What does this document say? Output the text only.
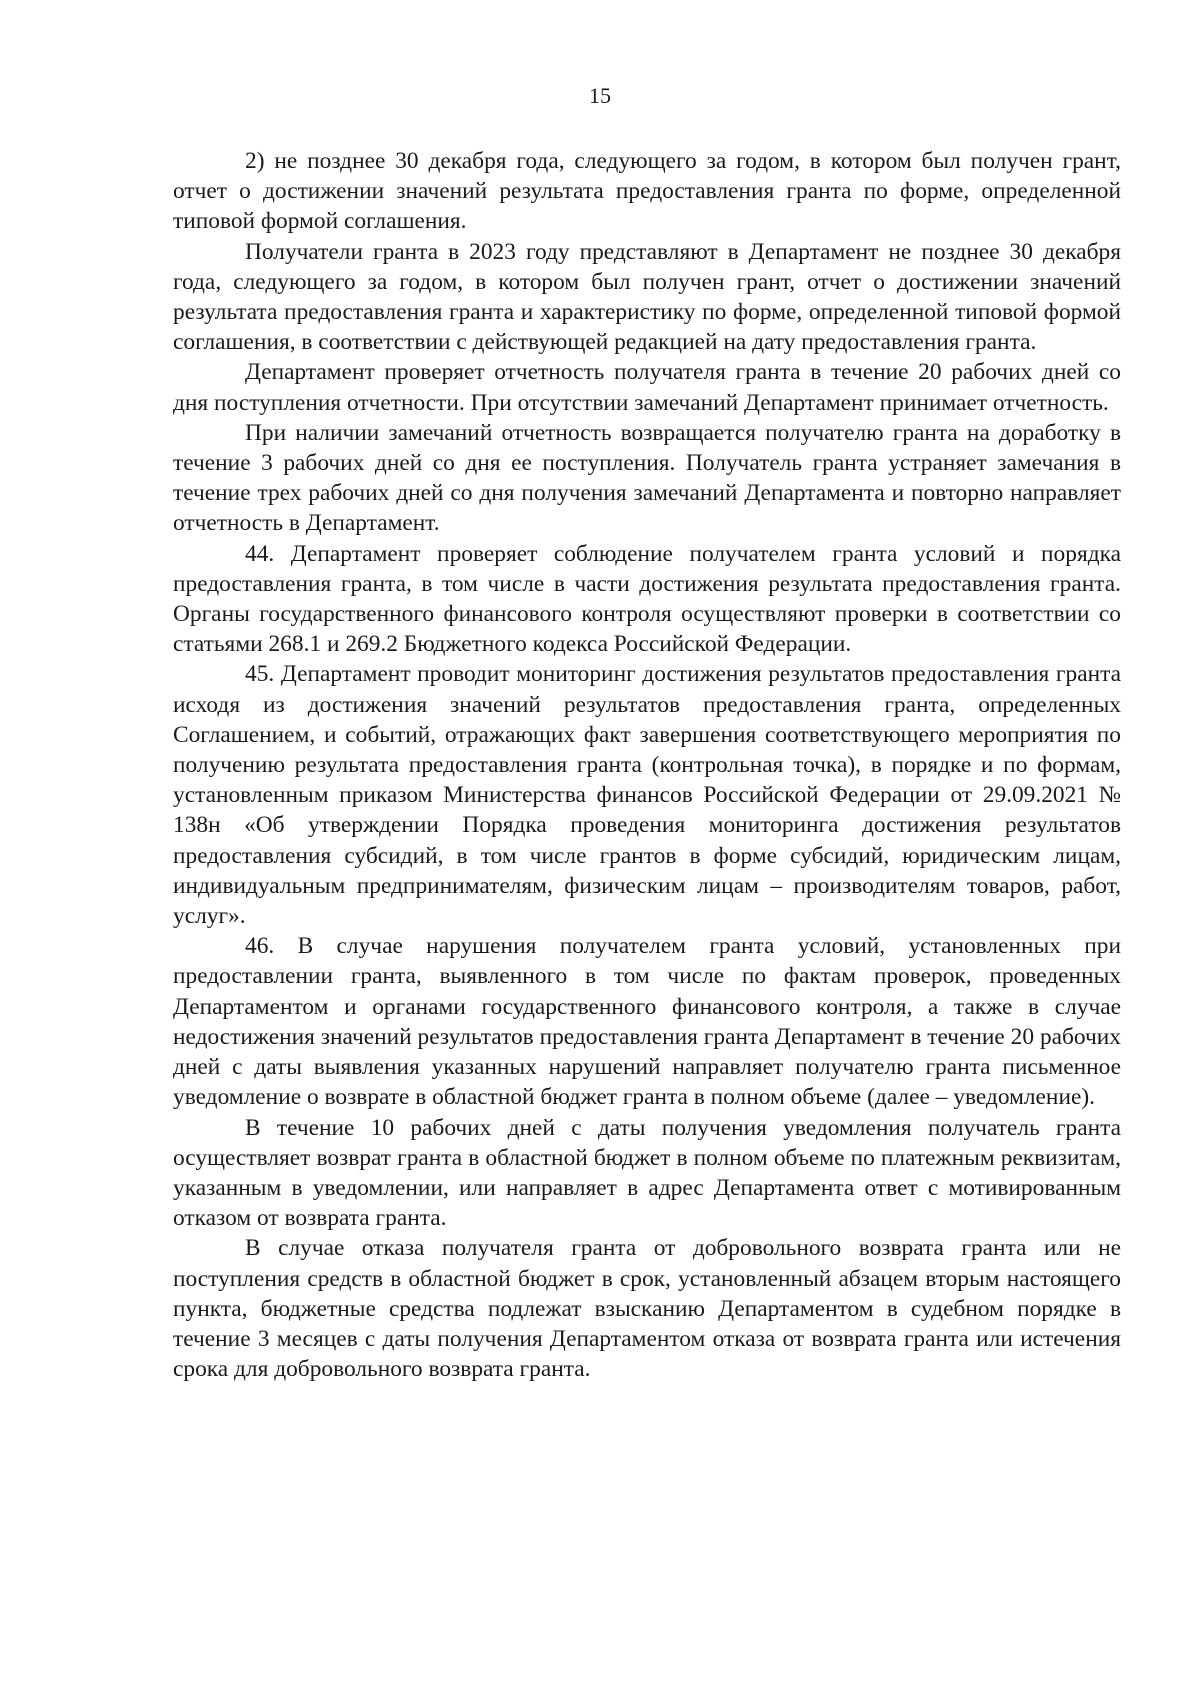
15

2) не позднее 30 декабря года, следующего за годом, в котором был получен грант, отчет о достижении значений результата предоставления гранта по форме, определенной типовой формой соглашения.

Получатели гранта в 2023 году представляют в Департамент не позднее 30 декабря года, следующего за годом, в котором был получен грант, отчет о достижении значений результата предоставления гранта и характеристику по форме, определенной типовой формой соглашения, в соответствии с действующей редакцией на дату предоставления гранта.

Департамент проверяет отчетность получателя гранта в течение 20 рабочих дней со дня поступления отчетности. При отсутствии замечаний Департамент принимает отчетность.

При наличии замечаний отчетность возвращается получателю гранта на доработку в течение 3 рабочих дней со дня ее поступления. Получатель гранта устраняет замечания в течение трех рабочих дней со дня получения замечаний Департамента и повторно направляет отчетность в Департамент.

44. Департамент проверяет соблюдение получателем гранта условий и порядка предоставления гранта, в том числе в части достижения результата предоставления гранта. Органы государственного финансового контроля осуществляют проверки в соответствии со статьями 268.1 и 269.2 Бюджетного кодекса Российской Федерации.

45. Департамент проводит мониторинг достижения результатов предоставления гранта исходя из достижения значений результатов предоставления гранта, определенных Соглашением, и событий, отражающих факт завершения соответствующего мероприятия по получению результата предоставления гранта (контрольная точка), в порядке и по формам, установленным приказом Министерства финансов Российской Федерации от 29.09.2021 № 138н «Об утверждении Порядка проведения мониторинга достижения результатов предоставления субсидий, в том числе грантов в форме субсидий, юридическим лицам, индивидуальным предпринимателям, физическим лицам – производителям товаров, работ, услуг».

46. В случае нарушения получателем гранта условий, установленных при предоставлении гранта, выявленного в том числе по фактам проверок, проведенных Департаментом и органами государственного финансового контроля, а также в случае недостижения значений результатов предоставления гранта Департамент в течение 20 рабочих дней с даты выявления указанных нарушений направляет получателю гранта письменное уведомление о возврате в областной бюджет гранта в полном объеме (далее – уведомление).

В течение 10 рабочих дней с даты получения уведомления получатель гранта осуществляет возврат гранта в областной бюджет в полном объеме по платежным реквизитам, указанным в уведомлении, или направляет в адрес Департамента ответ с мотивированным отказом от возврата гранта.

В случае отказа получателя гранта от добровольного возврата гранта или не поступления средств в областной бюджет в срок, установленный абзацем вторым настоящего пункта, бюджетные средства подлежат взысканию Департаментом в судебном порядке в течение 3 месяцев с даты получения Департаментом отказа от возврата гранта или истечения срока для добровольного возврата гранта.
